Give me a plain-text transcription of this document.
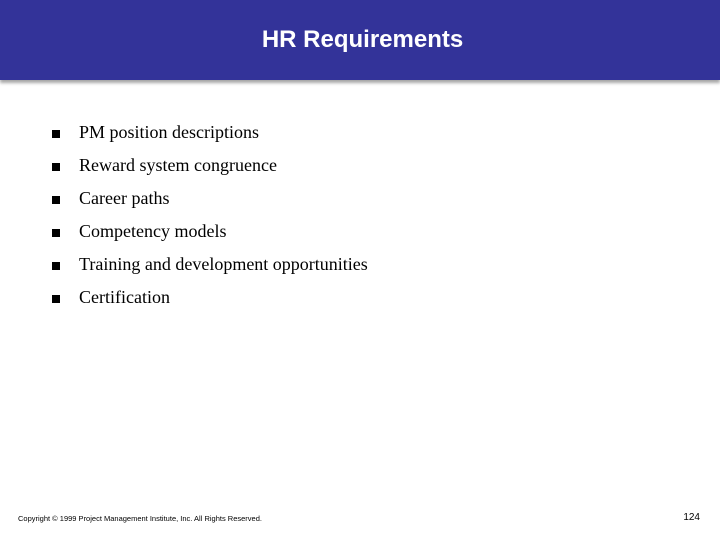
HR Requirements
PM position descriptions
Reward system congruence
Career paths
Competency models
Training and development opportunities
Certification
Copyright © 1999 Project Management Institute, Inc. All Rights Reserved.	124
